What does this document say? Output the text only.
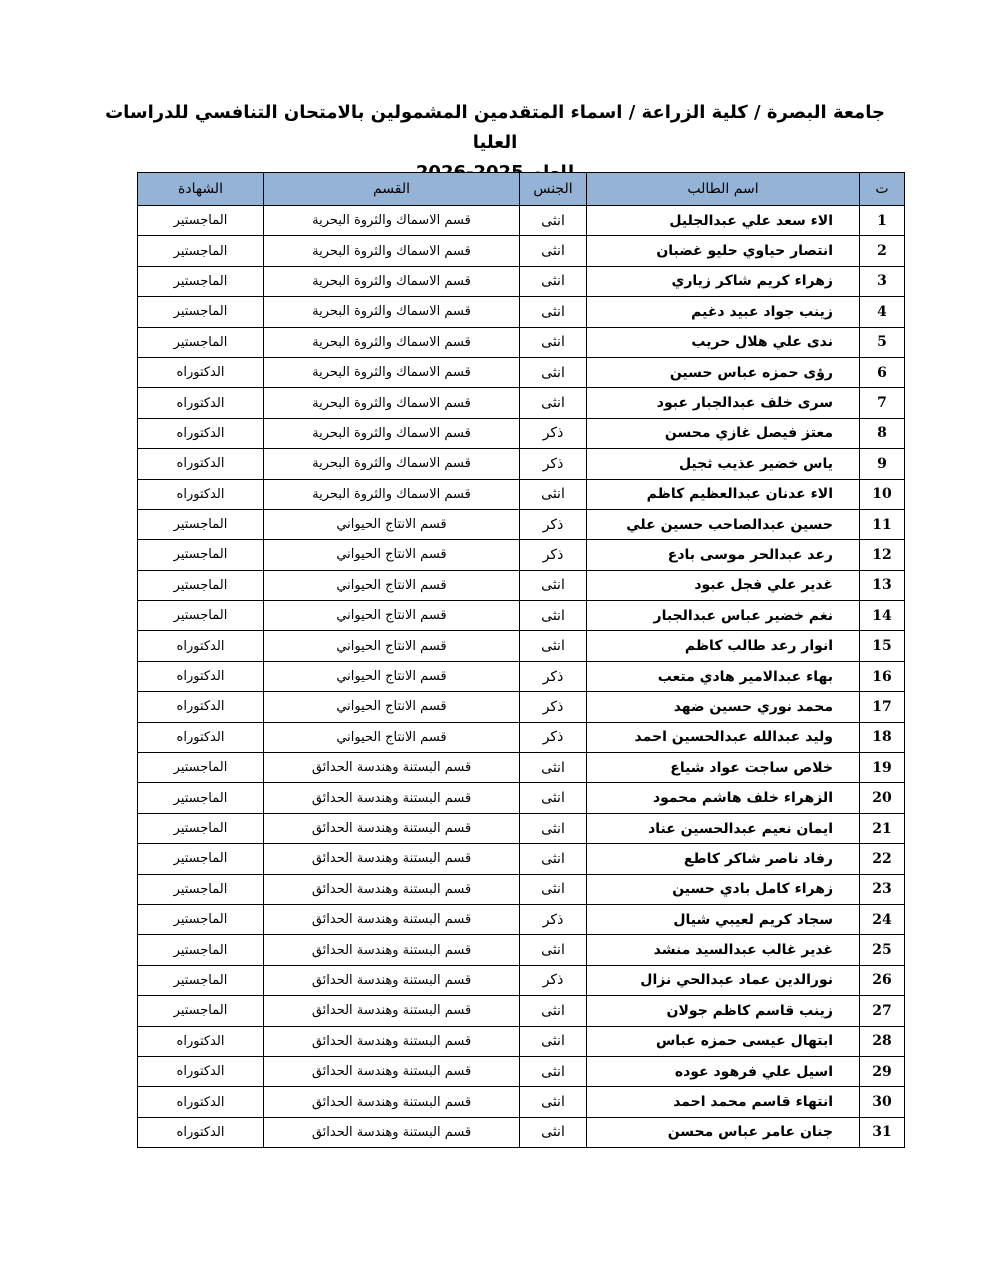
جامعة البصرة / كلية الزراعة / اسماء المتقدمين المشمولين بالامتحان التنافسي للدراسات العليا
ت	اسم الطالب	الجنس	القسم	الشهادة
1	الاء سعد علي عبدالجليل	انثى	قسم الاسماك والثروة البحرية	الماجستير
2	انتصار حياوي حليو غضبان	انثى	قسم الاسماك والثروة البحرية	الماجستير
3	زهراء كريم شاكر زياري	انثى	قسم الاسماك والثروة البحرية	الماجستير
4	زينب جواد عبيد دغيم	انثى	قسم الاسماك والثروة البحرية	الماجستير
5	ندى علي هلال حريب	انثى	قسم الاسماك والثروة البحرية	الماجستير
6	رؤى حمزه عباس حسين	انثى	قسم الاسماك والثروة البحرية	الدكتوراه
7	سرى خلف عبدالجبار عبود	انثى	قسم الاسماك والثروة البحرية	الدكتوراه
8	معتز فيصل غازي محسن	ذكر	قسم الاسماك والثروة البحرية	الدكتوراه
9	ياس خضير عذيب ثجيل	ذكر	قسم الاسماك والثروة البحرية	الدكتوراه
10	الاء عدنان عبدالعظيم كاظم	انثى	قسم الاسماك والثروة البحرية	الدكتوراه
11	حسين عبدالصاحب حسين علي	ذكر	قسم الانتاج الحيواني	الماجستير
12	رعد عبدالحر موسى بادع	ذكر	قسم الانتاج الحيواني	الماجستير
13	غدير علي فجل عبود	انثى	قسم الانتاج الحيواني	الماجستير
14	نغم خضير عباس عبدالجبار	انثى	قسم الانتاج الحيواني	الماجستير
15	انوار رعد طالب كاظم	انثى	قسم الانتاج الحيواني	الدكتوراه
16	بهاء عبدالامير هادي متعب	ذكر	قسم الانتاج الحيواني	الدكتوراه
17	محمد نوري حسين ضهد	ذكر	قسم الانتاج الحيواني	الدكتوراه
18	وليد عبدالله عبدالحسين احمد	ذكر	قسم الانتاج الحيواني	الدكتوراه
19	خلاص ساجت عواد شياع	انثى	قسم البستنة وهندسة الحدائق	الماجستير
20	الزهراء خلف هاشم محمود	انثى	قسم البستنة وهندسة الحدائق	الماجستير
21	ايمان نعيم عبدالحسين عناد	انثى	قسم البستنة وهندسة الحدائق	الماجستير
22	رفاد ناصر شاكر كاطع	انثى	قسم البستنة وهندسة الحدائق	الماجستير
23	زهراء كامل بادي حسين	انثى	قسم البستنة وهندسة الحدائق	الماجستير
24	سجاد كريم لعيبي شيال	ذكر	قسم البستنة وهندسة الحدائق	الماجستير
25	غدير غالب عبدالسيد منشد	انثى	قسم البستنة وهندسة الحدائق	الماجستير
26	نورالدين عماد عبدالحي نزال	ذكر	قسم البستنة وهندسة الحدائق	الماجستير
27	زينب قاسم كاظم جولان	انثى	قسم البستنة وهندسة الحدائق	الماجستير
28	ابتهال عيسى حمزه عباس	انثى	قسم البستنة وهندسة الحدائق	الدكتوراه
29	اسيل علي فرهود عوده	انثى	قسم البستنة وهندسة الحدائق	الدكتوراه
30	انتهاء قاسم محمد احمد	انثى	قسم البستنة وهندسة الحدائق	الدكتوراه
31	جنان عامر عباس محسن	انثى	قسم البستنة وهندسة الحدائق	الدكتوراه
